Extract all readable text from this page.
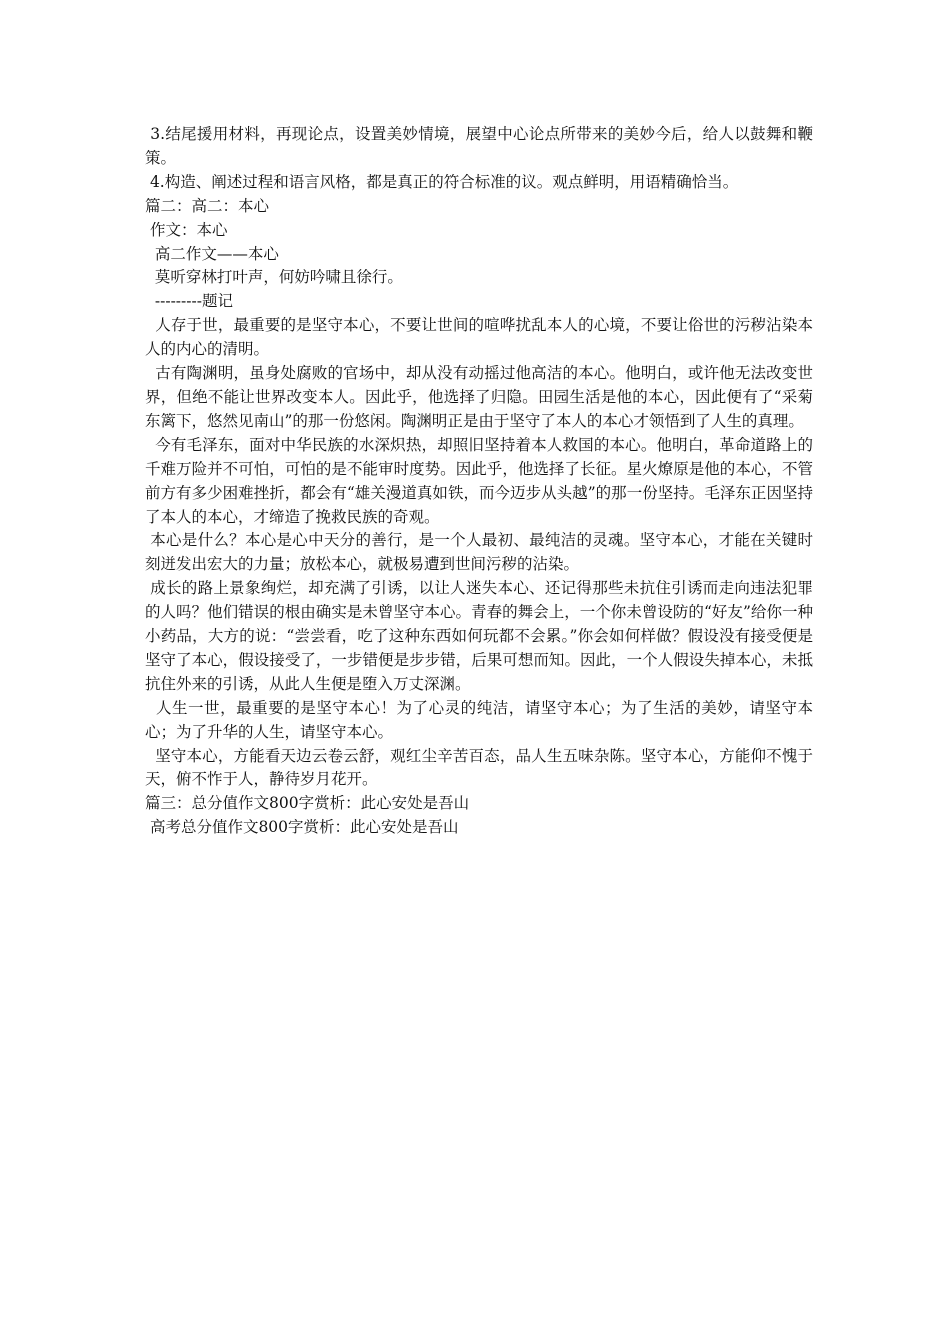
3.结尾援用材料，再现论点，设置美妙情境，展望中心论点所带来的美妙今后，给人以鼓舞和鞭策。

4.构造、阐述过程和语言风格，都是真正的符合标准的议。观点鲜明，用语精确恰当。

篇二：高二：本心

作文：本心

高二作文——本心

莫听穿林打叶声，何妨吟啸且徐行。

---------题记

人存于世，最重要的是坚守本心，不要让世间的喧哗扰乱本人的心境，不要让俗世的污秽沾染本人的内心的清明。

古有陶渊明，虽身处腐败的官场中，却从没有动摇过他高洁的本心。他明白，或许他无法改变世界，但绝不能让世界改变本人。因此乎，他选择了归隐。田园生活是他的本心，因此便有了“采菊东篱下，悠然见南山”的那一份悠闲。陶渊明正是由于坚守了本人的本心才领悟到了人生的真理。

今有毛泽东，面对中华民族的水深炽热，却照旧坚持着本人救国的本心。他明白，革命道路上的千难万险并不可怕，可怕的是不能审时度势。因此乎，他选择了长征。星火燎原是他的本心，不管前方有多少困难挫折，都会有“雄关漫道真如铁，而今迈步从头越”的那一份坚持。毛泽东正因坚持了本人的本心，才缔造了挽救民族的奇观。

本心是什么？本心是心中天分的善行，是一个人最初、最纯洁的灵魂。坚守本心，才能在关键时刻迸发出宏大的力量；放松本心，就极易遭到世间污秽的沾染。

成长的路上景象绚烂，却充满了引诱，以让人迷失本心、还记得那些未抗住引诱而走向违法犯罪的人吗？他们错误的根由确实是未曾坚守本心。青春的舞会上，一个你未曾设防的“好友”给你一种小药品，大方的说：“尝尝看，吃了这种东西如何玩都不会累。”你会如何样做？假设没有接受便是坚守了本心，假设接受了，一步错便是步步错，后果可想而知。因此，一个人假设失掉本心，未抵抗住外来的引诱，从此人生便是堕入万丈深渊。

人生一世，最重要的是坚守本心！为了心灵的纯洁，请坚守本心；为了生活的美妙，请坚守本心；为了升华的人生，请坚守本心。

坚守本心，方能看天边云卷云舒，观红尘辛苦百态，品人生五味杂陈。坚守本心，方能仰不愧于天，俯不怍于人，静待岁月花开。

篇三：总分值作文800字赏析：此心安处是吾山

高考总分值作文800字赏析：此心安处是吾山
